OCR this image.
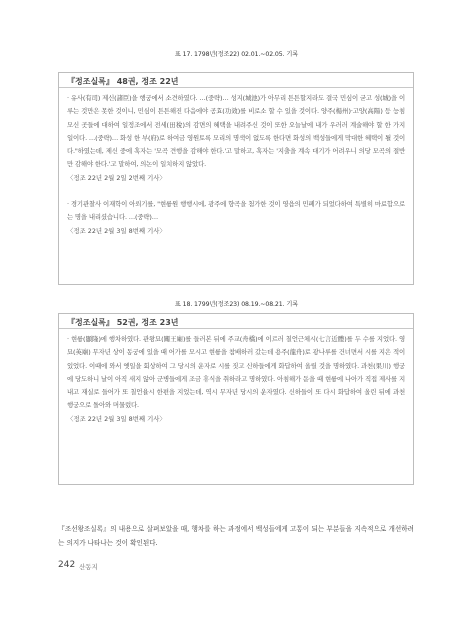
표 17. 1798년(정조22) 02.01.~02.05. 기록
『정조실록』 48권, 정조 22년

· 유사(有司) 제신(諸臣)을 행궁에서 소견하였다. …(중략)… 성지(城池)가 아무리 튼튼할지라도 결국 민심이 굳고 성(城)을 이루는 것만은 못한 것이니, 민심이 튼튼해진 다음에야 공효(功效)를 비로소 할 수 있을 것이다. 양주(楊州)·고양(高陽) 등 능침 모신 곳들에 대하여 일정조에서 전세(田稅)의 감면의 혜택을 내려주신 것이 또한 오늘날에 내가 우러러 계술해야 할 한 가지 일이다. …(중략)… 화성 한 부(府)로 하여금 영원토록 모리의 명색이 없도록 한다면 화성의 백성들에게 막대한 혜택이 될 것이다."하였는데, 제신 중에 혹자는 '모곡 견행을 감해야 한다.'고 말하고, 혹자는 '지출을 계속 대기가 어려우니 의당 모곡의 절반만 감해야 한다.'고 말하여, 의논이 일치하지 않았다.

〈정조 22년 2월 2일 2번째 기사〉

· 경기관찰사 이재학이 아뢰기를, "현륭원 행행시에, 광주에 향곡을 첨가한 것이 영읍의 민폐가 되었다하여 특별히 마료합으로는 명을 내리셨습니다. …(중략)…

〈정조 22년 2월 3일 8번째 기사〉

표 18. 1799년(정조23) 08.19.~08.21. 기록
『정조실록』 52권, 정조 23년

· 현륭(顯隆)에 행차하였다. 관왕묘(關王廟)를 들러본 뒤에 주교(舟橋)에 이르러 칠언근체시(七言近體)를 두 수를 지었다. 영묘(英廟) 무자년 상이 동궁에 있을 때 어가를 모시고 현륭을 참배하러 갔는데 용주(龍舟)로 광나루를 건너면서 시를 지은 적이 있었다. 이때에 와서 옛일을 회상하여 그 당시의 운자로 시를 짓고 신하들에게 화답하여 올릴 것을 명하였다. 과천(果川) 행궁에 당도하니 날이 아직 새지 않아 군병들에게 조금 휴식을 취하라고 명하였다. 아침해가 돋을 때 현륭에 나아가 직접 제사를 지내고 재실로 들어가 또 칠언율시 한편을 지었는데, 역시 무자년 당시의 운자였다. 신하들이 또 다시 화답하여 올린 뒤에 과천 행궁으로 돌아와 머물렀다.

〈정조 22년 2월 3일 8번째 기사〉

『조선왕조실록』의 내용으로 살펴보았을 때, 행차를 하는 과정에서 백성들에게 고통이 되는 부분들을 지속적으로 개선하려는 의지가 나타나는 것이 확인된다.

242 산동지
